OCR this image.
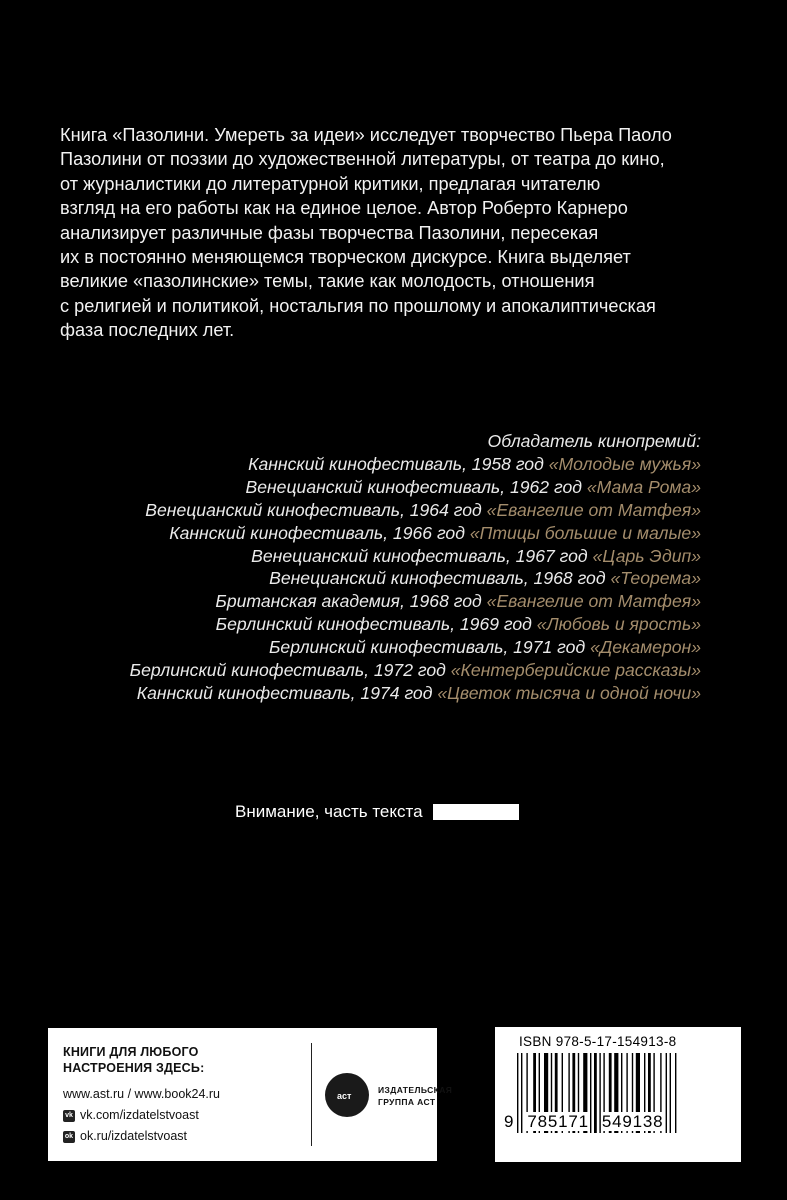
Книга «Пазолини. Умереть за идеи» исследует творчество Пьера Паоло
Пазолини от поэзии до художественной литературы, от театра до кино,
от журналистики до литературной критики, предлагая читателю
взгляд на его работы как на единое целое. Автор Роберто Карнеро
анализирует различные фазы творчества Пазолини, пересекая
их в постоянно меняющемся творческом дискурсе. Книга выделяет
великие «пазолинские» темы, такие как молодость, отношения
с религией и политикой, ностальгия по прошлому и апокалиптическая
фаза последних лет.
Обладатель кинопремий:
Каннский кинофестиваль, 1958 год «Молодые мужья»
Венецианский кинофестиваль, 1962 год «Мама Рома»
Венецианский кинофестиваль, 1964 год «Евангелие от Матфея»
Каннский кинофестиваль, 1966 год «Птицы большие и малые»
Венецианский кинофестиваль, 1967 год «Царь Эдип»
Венецианский кинофестиваль, 1968 год «Теорема»
Британская академия, 1968 год «Евангелие от Матфея»
Берлинский кинофестиваль, 1969 год «Любовь и ярость»
Берлинский кинофестиваль, 1971 год «Декамерон»
Берлинский кинофестиваль, 1972 год «Кентерберийские рассказы»
Каннский кинофестиваль, 1974 год «Цветок тысяча и одной ночи»
Внимание, часть текста
КНИГИ ДЛЯ ЛЮБОГО
НАСТРОЕНИЯ ЗДЕСЬ:
www.ast.ru / www.book24.ru
vk vk.com/izdatelstvoast
ok ok.ru/izdatelstvoast
аст
ИЗДАТЕЛЬСКАЯ
ГРУППА АСТ
ISBN 978-5-17-154913-8
9 785171 549138
